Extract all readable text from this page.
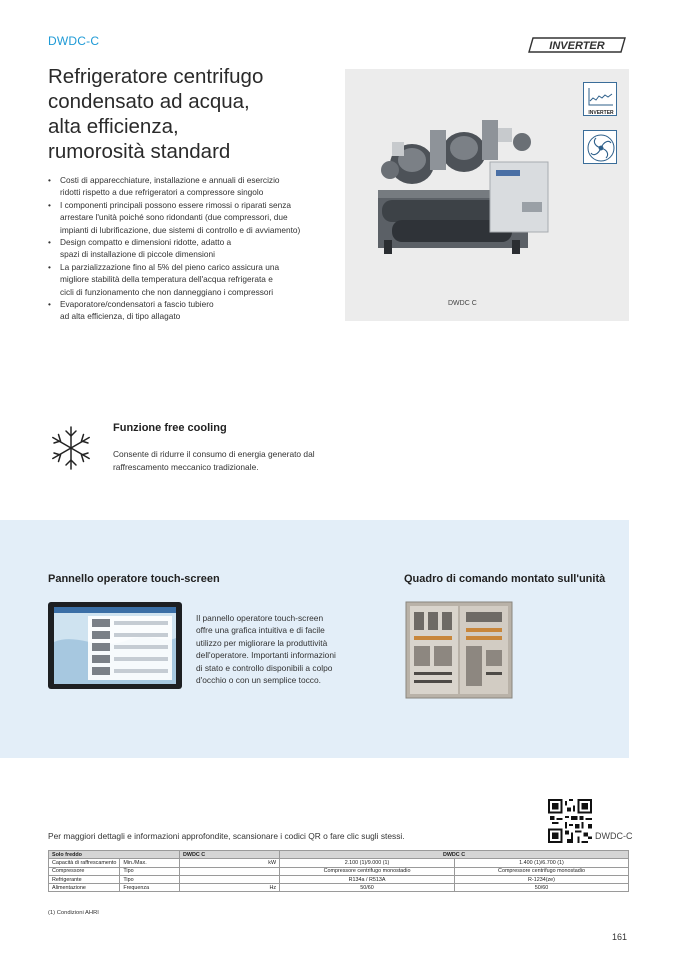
DWDC-C	INVERTER
Refrigeratore centrifugo
condensato ad acqua,
alta efficienza,
rumorosità standard
• Costi di apparecchiature, installazione e annuali di esercizio
ridotti rispetto a due refrigeratori a compressore singolo
• I componenti principali possono essere rimossi o riparati senza
arrestare l'unità poiché sono ridondanti (due compressori, due
impianti di lubrificazione, due sistemi di controllo e di avviamento)
• Design compatto e dimensioni ridotte, adatto a
spazi di installazione di piccole dimensioni
• La parzializzazione fino al 5% del pieno carico assicura una
migliore stabilità della temperatura dell'acqua refrigerata e
cicli di funzionamento che non danneggiano i compressori
• Evaporatore/condensatori a fascio tubiero
ad alta efficienza, di tipo allagato
DWDC C
INVERTER
Funzione free cooling
Consente di ridurre il consumo di energia generato dal
raffrescamento meccanico tradizionale.
Pannello operatore touch-screen	Quadro di comando montato sull'unità
Il pannello operatore touch-screen
offre una grafica intuitiva e di facile
utilizzo per migliorare la produttività
dell'operatore. Importanti informazioni
di stato e controllo disponibili a colpo
d'occhio o con un semplice tocco.
Per maggiori dettagli e informazioni approfondite, scansionare i codici QR o fare clic sugli stessi.	DWDC-C
Solo freddo		DWDC C	DWDC C	
Capacità di raffrescamento	Min./Max.	kW	2.100 (1)/9.000 (1)	1.400 (1)/6.700 (1)
Compressore	Tipo		Compressore centrifugo monostadio	Compressore centrifugo monostadio
Refrigerante	Tipo		R134a / R513A	R-1234(ze)
Alimentazione	Frequenza	Hz	50/60	50/60
(1) Condizioni AHRI
161
